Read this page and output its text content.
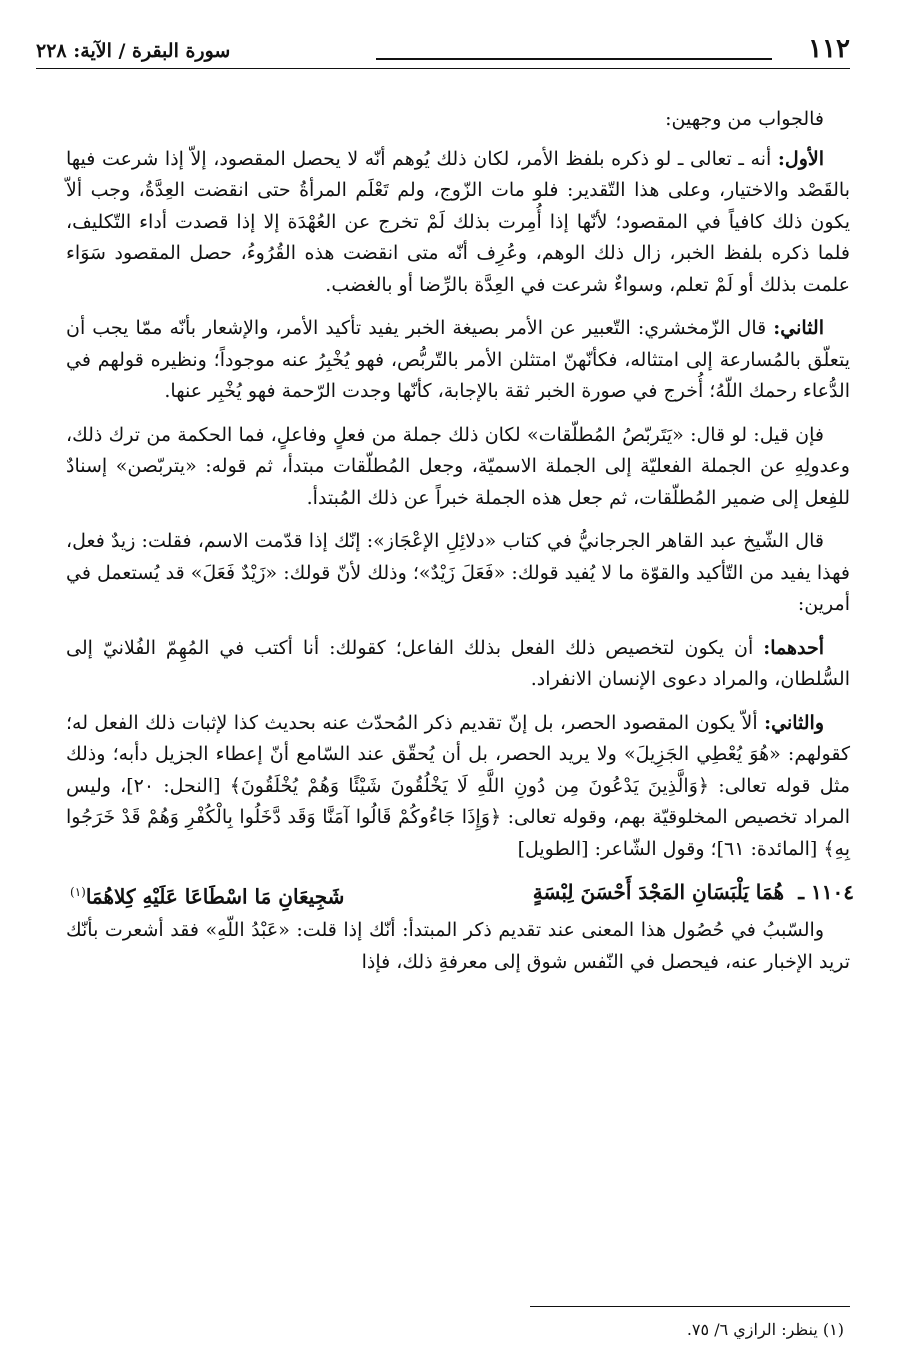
١١٢
سورة البقرة / الآية: ٢٢٨

فالجواب من وجهين:

الأول: أنه ـ تعالى ـ لو ذكره بلفظ الأمر، لكان ذلك يُوهم أنّه لا يحصل المقصود، إلاّ إذا شرعت فيها بالقَصْد والاختيار، وعلى هذا التّقدير: فلو مات الزّوج، ولم تَعْلَم المرأةُ حتى انقضت العِدَّةُ، وجب ألاّ يكون ذلك كافياً في المقصود؛ لأنّها إذا أُمِرت بذلك لَمْ تخرج عن العُهْدَة إلا إذا قصدت أداء التّكليف، فلما ذكره بلفظ الخبر، زال ذلك الوهم، وعُرِف أنّه متى انقضت هذه القُرُوءُ، حصل المقصود سَوَاء علمت بذلك أو لَمْ تعلم، وسواءٌ شرعت في العِدَّة بالرِّضا أو بالغضب.

الثاني: قال الزّمخشري: التّعبير عن الأمر بصيغة الخبر يفيد تأكيد الأمر، والإشعار بأنّه ممّا يجب أن يتعلّق بالمُسارعة إلى امتثاله، فكأنّهنّ امتثلن الأمر بالتّربُّص، فهو يُخْبِرُ عنه موجوداً؛ ونظيره قولهم في الدُّعاء رحمك اللّهُ؛ أُخرج في صورة الخبر ثقة بالإجابة، كأنّها وجدت الرّحمة فهو يُخْبِر عنها.

فإن قيل: لو قال: «يَتَربّصُ المُطلّقات» لكان ذلك جملة من فعلٍ وفاعلٍ، فما الحكمة من ترك ذلك، وعدولِهِ عن الجملة الفعليّة إلى الجملة الاسميّة، وجعل المُطلّقات مبتدأ، ثم قوله: «يتربّصن» إسنادٌ للفِعل إلى ضمير المُطلّقات، ثم جعل هذه الجملة خبراً عن ذلك المُبتدأ.

قال الشّيخ عبد القاهر الجرجانيُّ في كتاب «دلائِلِ الإعْجَاز»: إنّك إذا قدّمت الاسم، فقلت: زيدٌ فعل، فهذا يفيد من التّأكيد والقوّة ما لا يُفيد قولك: «فَعَلَ زَيْدٌ»؛ وذلك لأنّ قولك: «زَيْدٌ فَعَلَ» قد يُستعمل في أمرين:

أحدهما: أن يكون لتخصيص ذلك الفعل بذلك الفاعل؛ كقولك: أنا أكتب في المُهِمّ الفُلانيّ إلى السُّلطان، والمراد دعوى الإنسان الانفراد.

والثاني: ألاّ يكون المقصود الحصر، بل إنّ تقديم ذكر المُحدّث عنه بحديث كذا لإثبات ذلك الفعل له؛ كقولهم: «هُوَ يُعْطِي الجَزِيلَ» ولا يريد الحصر، بل أن يُحقّق عند السّامع أنّ إعطاء الجزيل دأبه؛ وذلك مثل قوله تعالى: ﴿وَالَّذِينَ يَدْعُونَ مِن دُونِ اللَّهِ لَا يَخْلُقُونَ شَيْئًا وَهُمْ يُخْلَقُونَ﴾ [النحل: ٢٠]، وليس المراد تخصيص المخلوقيّة بهم، وقوله تعالى: ﴿وَإِذَا جَاءُوكُمْ قَالُوا آمَنَّا وَقَد دَّخَلُوا بِالْكُفْرِ وَهُمْ قَدْ خَرَجُوا بِهِ﴾ [المائدة: ٦١]؛ وقول الشّاعر: [الطويل]

١١٠٤ ـ
هُمَا يَلْبَسَانِ المَجْدَ أَحْسَنَ لِبْسَةٍ
شَجِيعَانِ مَا اسْطَاعَا عَلَيْهِ كِلاهُمَا$^{(١)}$

والسّببُ في حُصُول هذا المعنى عند تقديم ذكر المبتدأ: أنّك إذا قلت: «عَبْدُ اللّهِ» فقد أشعرت بأنّك تريد الإخبار عنه، فيحصل في النّفس شوق إلى معرفةِ ذلك، فإذا

(١) ينظر: الرازي ٦/ ٧٥.
